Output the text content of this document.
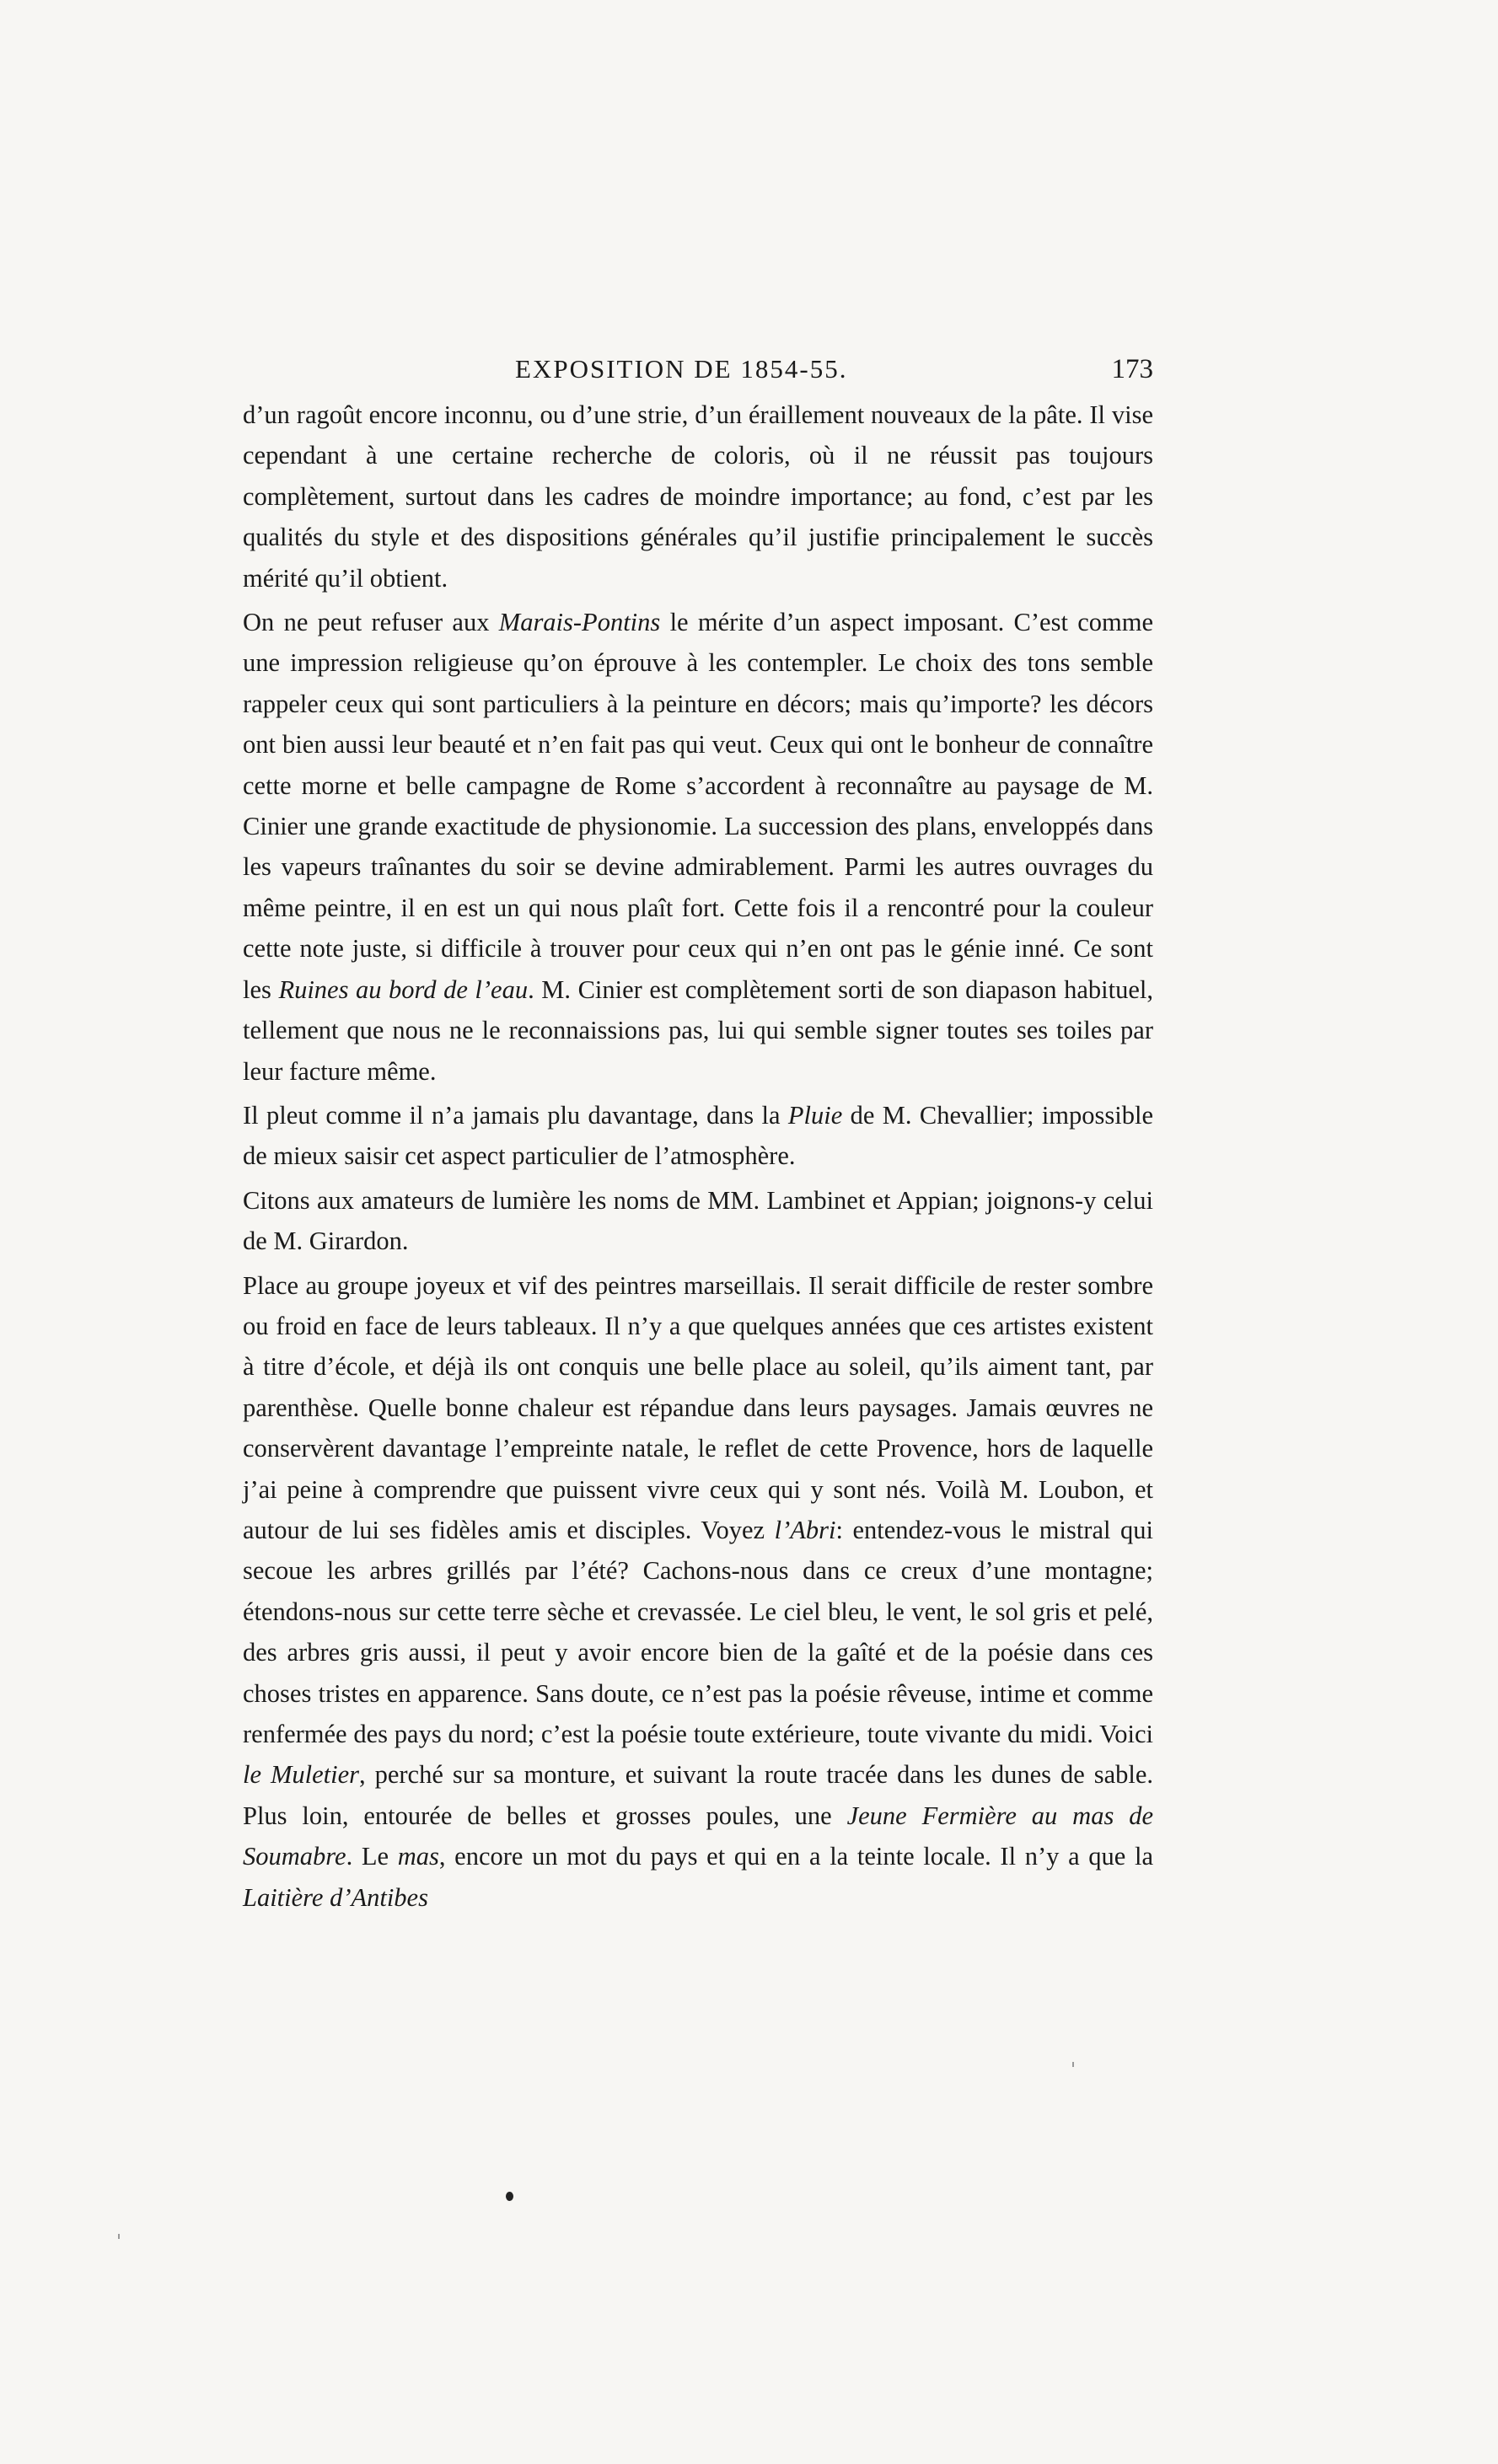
EXPOSITION DE 1854-55.	173

d’un ragoût encore inconnu, ou d’une strie, d’un éraillement nouveaux de la pâte. Il vise cependant à une certaine recherche de coloris, où il ne réussit pas toujours complètement, surtout dans les cadres de moindre importance; au fond, c’est par les qualités du style et des dispositions générales qu’il justifie principalement le succès mérité qu’il obtient.

On ne peut refuser aux Marais-Pontins le mérite d’un aspect imposant. C’est comme une impression religieuse qu’on éprouve à les contempler. Le choix des tons semble rappeler ceux qui sont particuliers à la peinture en décors; mais qu’importe? les décors ont bien aussi leur beauté et n’en fait pas qui veut. Ceux qui ont le bonheur de connaître cette morne et belle campagne de Rome s’accordent à reconnaître au paysage de M. Cinier une grande exactitude de physionomie. La succession des plans, enveloppés dans les vapeurs traînantes du soir se devine admirablement. Parmi les autres ouvrages du même peintre, il en est un qui nous plaît fort. Cette fois il a rencontré pour la couleur cette note juste, si difficile à trouver pour ceux qui n’en ont pas le génie inné. Ce sont les Ruines au bord de l’eau. M. Cinier est complètement sorti de son diapason habituel, tellement que nous ne le reconnaissions pas, lui qui semble signer toutes ses toiles par leur facture même.

Il pleut comme il n’a jamais plu davantage, dans la Pluie de M. Chevallier; impossible de mieux saisir cet aspect particulier de l’atmosphère.

Citons aux amateurs de lumière les noms de MM. Lambinet et Appian; joignons-y celui de M. Girardon.

Place au groupe joyeux et vif des peintres marseillais. Il serait difficile de rester sombre ou froid en face de leurs tableaux. Il n’y a que quelques années que ces artistes existent à titre d’école, et déjà ils ont conquis une belle place au soleil, qu’ils aiment tant, par parenthèse. Quelle bonne chaleur est répandue dans leurs paysages. Jamais œuvres ne conservèrent davantage l’empreinte natale, le reflet de cette Provence, hors de laquelle j’ai peine à comprendre que puissent vivre ceux qui y sont nés. Voilà M. Loubon, et autour de lui ses fidèles amis et disciples. Voyez l’Abri: entendez-vous le mistral qui secoue les arbres grillés par l’été? Cachons-nous dans ce creux d’une montagne; étendons-nous sur cette terre sèche et crevassée. Le ciel bleu, le vent, le sol gris et pelé, des arbres gris aussi, il peut y avoir encore bien de la gaîté et de la poésie dans ces choses tristes en apparence. Sans doute, ce n’est pas la poésie rêveuse, intime et comme renfermée des pays du nord; c’est la poésie toute extérieure, toute vivante du midi. Voici le Muletier, perché sur sa monture, et suivant la route tracée dans les dunes de sable. Plus loin, entourée de belles et grosses poules, une Jeune Fermière au mas de Soumabre. Le mas, encore un mot du pays et qui en a la teinte locale. Il n’y a que la Laitière d’Antibes
